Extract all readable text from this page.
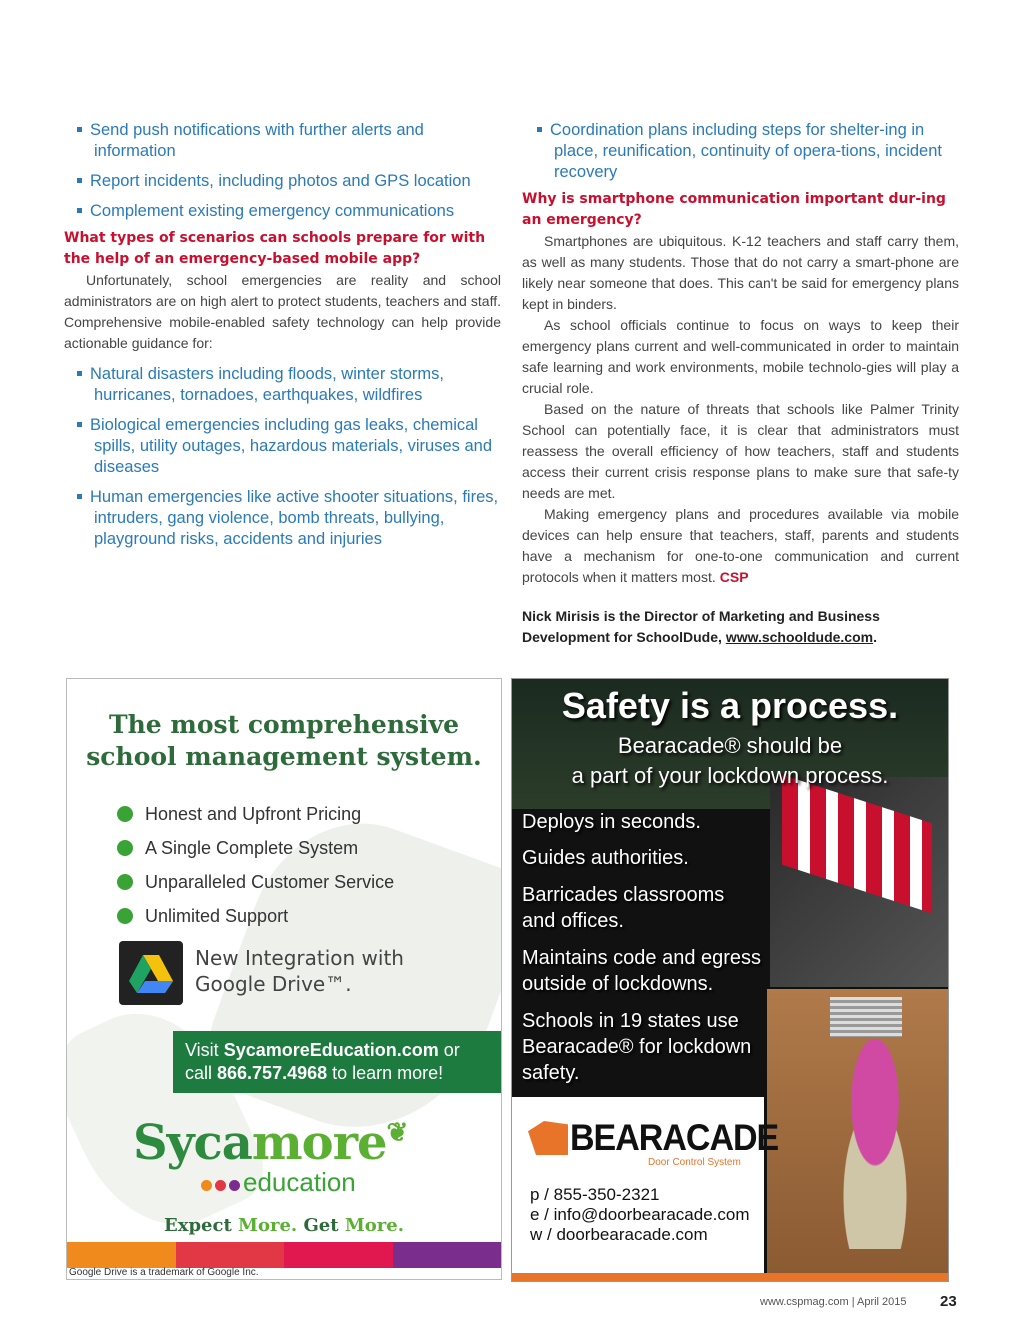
Send push notifications with further alerts and information
Report incidents, including photos and GPS location
Complement existing emergency communications
What types of scenarios can schools prepare for with the help of an emergency-based mobile app?

Unfortunately, school emergencies are reality and school administrators are on high alert to protect students, teachers and staff. Comprehensive mobile-enabled safety technology can help provide actionable guidance for:

Natural disasters including floods, winter storms, hurricanes, tornadoes, earthquakes, wildfires
Biological emergencies including gas leaks, chemical spills, utility outages, hazardous materials, viruses and diseases
Human emergencies like active shooter situations, fires, intruders, gang violence, bomb threats, bullying, playground risks, accidents and injuries
Coordination plans including steps for shelter-ing in place, reunification, continuity of opera-tions, incident recovery
Why is smartphone communication important dur-ing an emergency?

Smartphones are ubiquitous. K-12 teachers and staff carry them, as well as many students. Those that do not carry a smart-phone are likely near someone that does. This can't be said for emergency plans kept in binders.

As school officials continue to focus on ways to keep their emergency plans current and well-communicated in order to maintain safe learning and work environments, mobile technolo-gies will play a crucial role.

Based on the nature of threats that schools like Palmer Trinity School can potentially face, it is clear that administrators must reassess the overall efficiency of how teachers, staff and students access their current crisis response plans to make sure that safe-ty needs are met.

Making emergency plans and procedures available via mobile devices can help ensure that teachers, staff, parents and students have a mechanism for one-to-one communication and current protocols when it matters most. CSP

Nick Mirisis is the Director of Marketing and Business Development for SchoolDude, www.schooldude.com.
The most comprehensive
school management system.
Honest and Upfront Pricing
A Single Complete System
Unparalleled Customer Service
Unlimited Support
New Integration with
Google Drive™.
Visit SycamoreEducation.com or
call 866.757.4968 to learn more!
Sycamore❦
education
Expect More. Get More.
Google Drive is a trademark of Google Inc.
Safety is a process.
Bearacade® should be
a part of your lockdown process.
Deploys in seconds.
Guides authorities.
Barricades classrooms and offices.
Maintains code and egress outside of lockdowns.
Schools in 19 states use Bearacade® for lockdown safety.
BEARACADE
Door Control System
p / 855-350-2321
e / info@doorbearacade.com
w / doorbearacade.com
www.cspmag.com | April 2015 23
